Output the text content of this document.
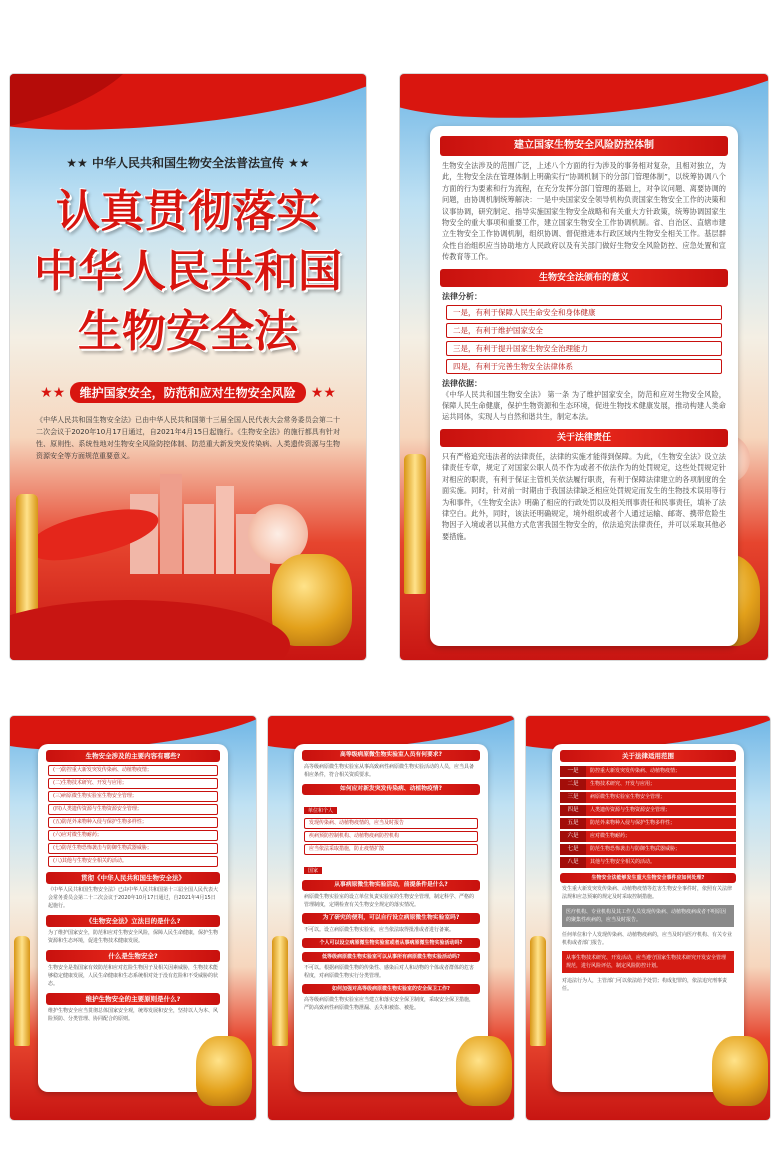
★★ 中华人民共和国生物安全法普法宣传 ★★
认真贯彻落实
中华人民共和国
生物安全法
★★ 维护国家安全，防范和应对生物安全风险 ★★

《中华人民共和国生物安全法》已由中华人民共和国第十三届全国人民代表大会常务委员会第二十二次会议于2020年10月17日通过，自2021年4月15日起施行。《生物安全法》的施行都具有针对性、原则性、系统性地对生物安全风险防控体制、防范重大新发突发传染病、人类遗传资源与生物资源安全等方面规范重要意义。

建立国家生物安全风险防控体制

生物安全法涉及的范围广泛，上述八个方面的行为涉及的事务相对复杂，且相对独立，为此，生物安全法在管理体制上明确实行“协调机制下的分部门管理体制”，以统筹协调八个方面的行为要素和行为流程，在充分发挥分部门管理的基础上，对争议问题、离要协调的问题，由协调机制统筹解决：一是中央国家安全领导机构负责国家生物安全工作的决策和议事协调，研究制定、指导实施国家生物安全战略和有关重大方针政策，统筹协调国家生物安全的重大事项和重要工作，建立国家生物安全工作协调机制。省、自治区、直辖市建立生物安全工作协调机制，组织协调、督促推进本行政区域内生物安全相关工作。基层群众性自治组织应当协助地方人民政府以及有关部门做好生物安全风险防控、应急处置和宣传教育等工作。

生物安全法颁布的意义
法律分析：
一是，有利于保障人民生命安全和身体健康
二是，有利于维护国家安全
三是，有利于提升国家生物安全治理能力
四是，有利于完善生物安全法律体系
法律依据：

《中华人民共和国生物安全法》 第一条 为了维护国家安全，防范和应对生物安全风险，保障人民生命健康，保护生物资源和生态环境，促进生物技术健康发展，推动构建人类命运共同体，实现人与自然和谐共生，制定本法。

关于法律责任

只有严格追究违法者的法律责任，法律的实施才能得到保障。为此，《生物安全法》设立法律责任专章，规定了对国家公职人员不作为或者不依法作为的处罚规定，这些处罚规定针对相应的职责，有利于保证主管机关依法履行职责，有利于保障法律建立的各项制度的全面实施。同时，针对前一时期由于我国法律缺乏相应处罚规定而发生的生物技术误用等行为和事件，《生物安全法》明确了相应的行政处罚以及相关刑事责任和民事责任，填补了法律空白。此外，同时，该法还明确规定，境外组织或者个人通过运输、邮寄、携带危险生物因子入境或者以其他方式危害我国生物安全的，依法追究法律责任，并可以采取其他必要措施。

生物安全涉及的主要内容有哪些?
(一)防控重大新发突发传染病、动植物疫情；
(二)生物技术研究、开发与应用；
(三)病原微生物实验室生物安全管理；
(四)人类遗传资源与生物资源安全管理；
(五)防范外来物种入侵与保护生物多样性；
(六)应对微生物耐药；
(七)防范生物恐怖袭击与防御生物武器威胁；
(八)其他与生物安全相关的活动。
贯彻《中华人民共和国生物安全法》

《中华人民共和国生物安全法》已由中华人民共和国第十三届全国人民代表大会常务委员会第二十二次会议于2020年10月17日通过，自2021年4月15日起施行。

《生物安全法》立法目的是什么?

为了维护国家安全，防范和应对生物安全风险，保障人民生命健康，保护生物资源和生态环境，促进生物技术健康发展。

什么是生物安全?

生物安全是指国家有效防范和应对危险生物因子及相关因素威胁，生物技术能够稳定健康发展，人民生命健康和生态系统相对处于没有危险和不受威胁的状态。

维护生物安全的主要原则是什么?

维护生物安全应当贯彻总体国家安全观，统筹发展和安全，坚持以人为本、风险预防、分类管理、协同配合的原则。

高等级病原微生物实验室人员有何要求?

高等级病原微生物实验室从事高致病性病原微生物实验活动的人员，应当具备相应条件，符合相关资质要求。

如何应对新发突发传染病、动植物疫情?
单位和个人
发现传染病、动植物疫情的，应当及时报告
疾病预防控制机构、动植物疫病防控机构
应当依法采取措施，防止疫情扩散
国家
从事病原微生物实验活动，前提条件是什么?

病原微生物实验室的设立单位负责实验室的生物安全管理，制定科学、严格的管理制度，定期检查有关生物安全规定的落实情况。

为了研究的便利，可以自行设立病原微生物实验室吗?

不可以。设立病原微生物实验室，应当依法取得批准或者进行备案。

个人可以设立病原微生物实验室或者从事病原微生物实验活动吗?
低等级病原微生物实验室可以从事所有病原微生物实验活动吗?

不可以。根据病原微生物的传染性、感染后对人和动物的个体或者群体的危害程度，对病原微生物实行分类管理。

如何加强对高等级病原微生物实验室的安全保卫工作?

高等级病原微生物实验室应当建立和落实安全保卫制度，采取安全保卫措施，严防高致病性病原微生物泄漏、丢失和被盗、被抢。

关于法律适用范围
一是	防控重大新发突发传染病、动植物疫情；
二是	生物技术研究、开发与应用；
三是	病原微生物实验室生物安全管理；
四是	人类遗传资源与生物资源安全管理；
五是	防范外来物种入侵与保护生物多样性；
六是	应对微生物耐药；
七是	防范生物恐怖袭击与防御生物武器威胁；
八是	其他与生物安全相关的活动。
生物安全法能够发生重大生物安全事件应如何处理?

发生重大新发突发传染病、动植物疫情等危害生物安全事件时，依照有关法律法规和应急预案的规定及时采取控制措施。

医疗机构、专业机构及其工作人员发现传染病、动植物疫病或者不明原因的聚集性疾病的，应当及时报告。

任何单位和个人发现传染病、动植物疫病的，应当及时向医疗机构、有关专业机构或者部门报告。

从事生物技术研究、开发活动，应当遵守国家生物技术研究开发安全管理规范，进行风险评估，制定风险防控计划。

对违法行为人，主管部门可以依法给予处罚；构成犯罪的，依法追究刑事责任。
